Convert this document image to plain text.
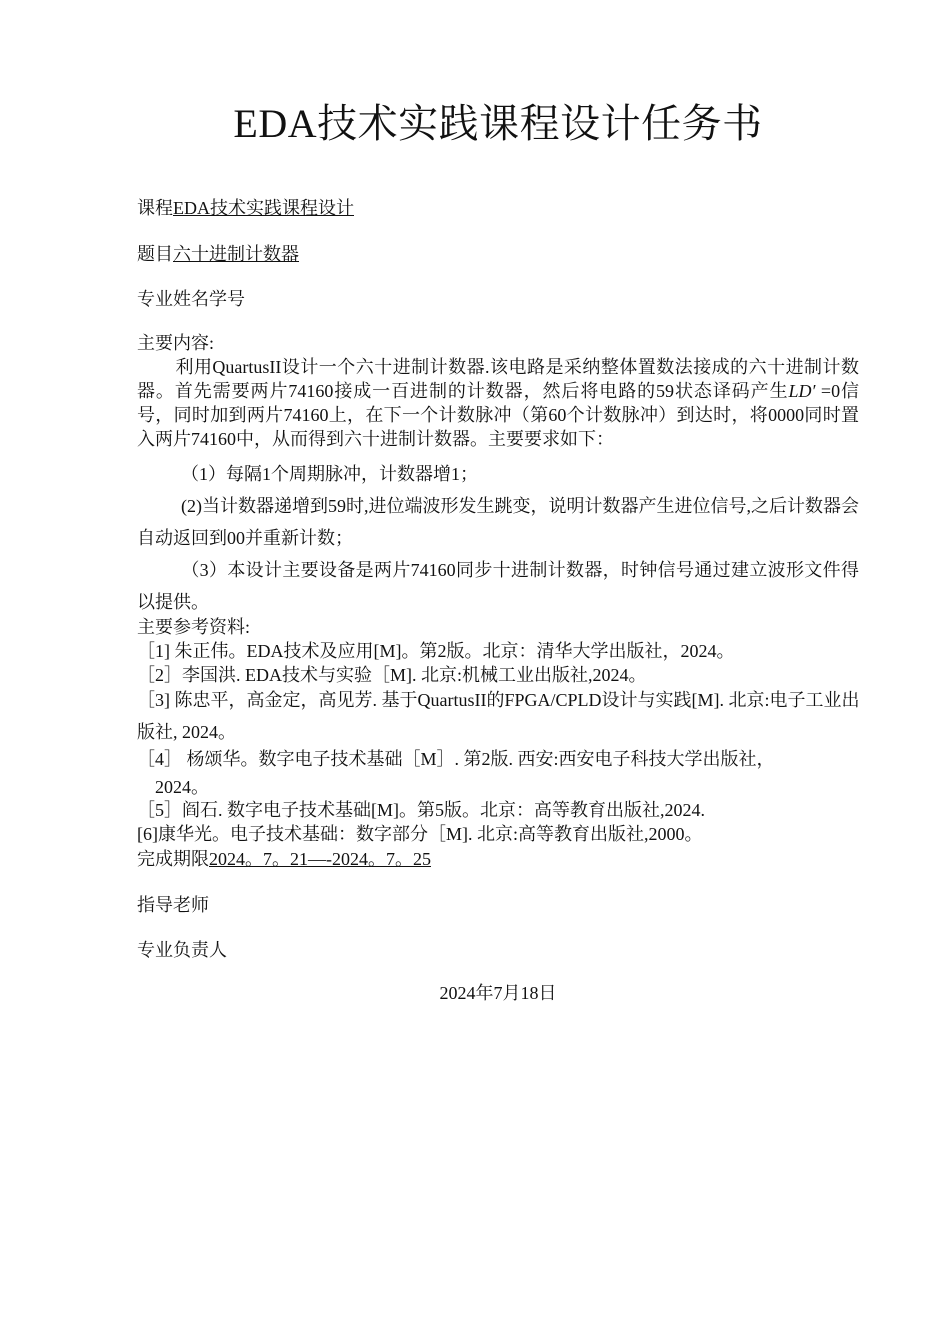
EDA技术实践课程设计任务书
课程EDA技术实践课程设计
题目六十进制计数器
专业姓名学号
主要内容:
利用QuartusII设计一个六十进制计数器.该电路是采纳整体置数法接成的六十进制计数器。首先需要两片74160接成一百进制的计数器，然后将电路的59状态译码产生LD′ =0信号，同时加到两片74160上，在下一个计数脉冲（第60个计数脉冲）到达时，将0000同时置入两片74160中，从而得到六十进制计数器。主要要求如下：
（1）每隔1个周期脉冲，计数器增1；
(2)当计数器递增到59时,进位端波形发生跳变，说明计数器产生进位信号,之后计数器会自动返回到00并重新计数；
（3）本设计主要设备是两片74160同步十进制计数器，时钟信号通过建立波形文件得以提供。
主要参考资料:
［1] 朱正伟。EDA技术及应用[M]。第2版。北京：清华大学出版社，2024。
［2］李国洪. EDA技术与实验［M]. 北京:机械工业出版社,2024。
［3] 陈忠平，高金定，高见芳. 基于QuartusII的FPGA/CPLD设计与实践[M]. 北京:电子工业出版社, 2024。
［4］ 杨颂华。数字电子技术基础［M］. 第2版. 西安:西安电子科技大学出版社，
2024。
［5］阎石. 数字电子技术基础[M]。第5版。北京：高等教育出版社,2024.
[6]康华光。电子技术基础：数字部分［M]. 北京:高等教育出版社,2000。
完成期限2024。7。21—-2024。7。25
指导老师
专业负责人
2024年7月18日
